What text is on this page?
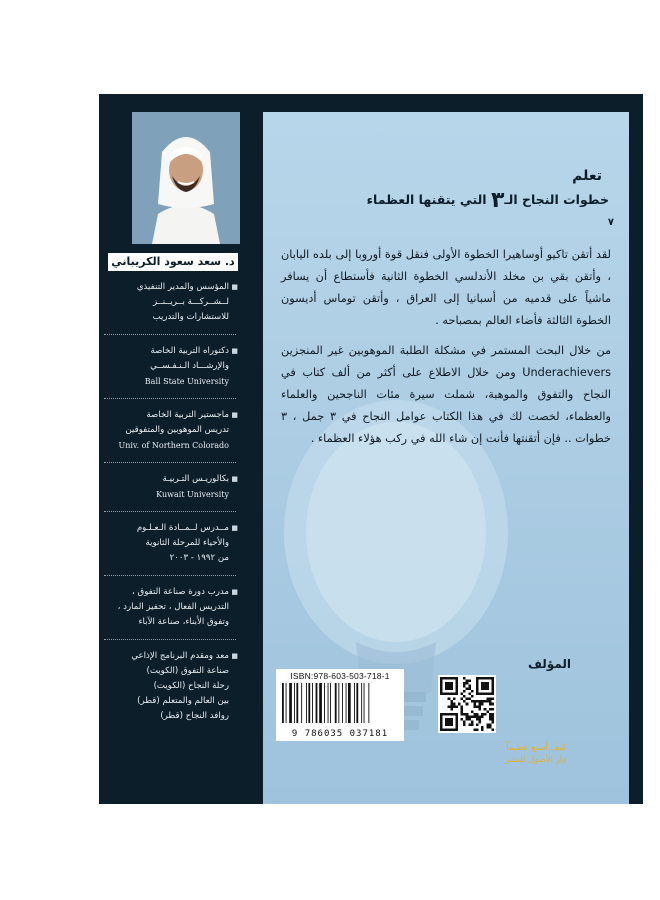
د. سعد سعود الكريباني
■
المؤسس والمدير التنفيذي
لــشــركـــة بــريــنــز
للاستشارات والتدريب
■
دكتوراه التربية الخاصة
والإرشـــاد الـنـفـســي
Ball State University
■
ماجستير التربية الخاصة
تدريس الموهوبين والمتفوقين
Univ. of Northern Colorado
■
بكالوريـس التـربيـة
Kuwait University
■
مــدرس لــمــادة الـعـلـوم
والأحياء للمرحلة الثانوية
من ١٩٩٢ - ٢٠٠٣
■
مدرب دورة صناعة التفوق ،
التدريس الفعال ، تحفيز المارد ،
وتفوق الأبناء، صناعة الآباء
■
معد ومقدم البرنامج الإذاعي
صناعة التفوق (الكويت)
رحلة النجاح (الكويت)
بين العالم والمتعلم (قطر)
روافد النجاح (قطر)
تعلم
خطوات النجاح الـ٣ التي يتقنها العظماء
٧

لقد أتقن تاكيو أوساهيرا الخطوة الأولى فنقل قوة أوروبا إلى بلده اليابان ، وأتقن بقي بن مخلد الأندلسي الخطوة الثانية فأستطاع أن يسافر ماشياً على قدميه من أسبانيا إلى العراق ، وأتقن توماس أديسون الخطوة الثالثة فأضاء العالم بمصباحه .

من خلال البحث المستمر في مشكلة الطلبة الموهوبين غير المنجزين Underachievers ومن خلال الاطلاع على أكثر من ألف كتاب في النجاح والتفوق والموهبة، شملت سيرة مئات الناجحين والعلماء والعظماء، لخصت لك في هذا الكتاب عوامل النجاح في ٣ جمل ، ٣ خطوات .. فإن أتقنتها فأنت إن شاء الله في ركب هؤلاء العظماء .

المؤلف
ISBN:978-603-503-718-1
9 786035 037181
كيف أصنع عظيماً
دار الأصول للنشر
